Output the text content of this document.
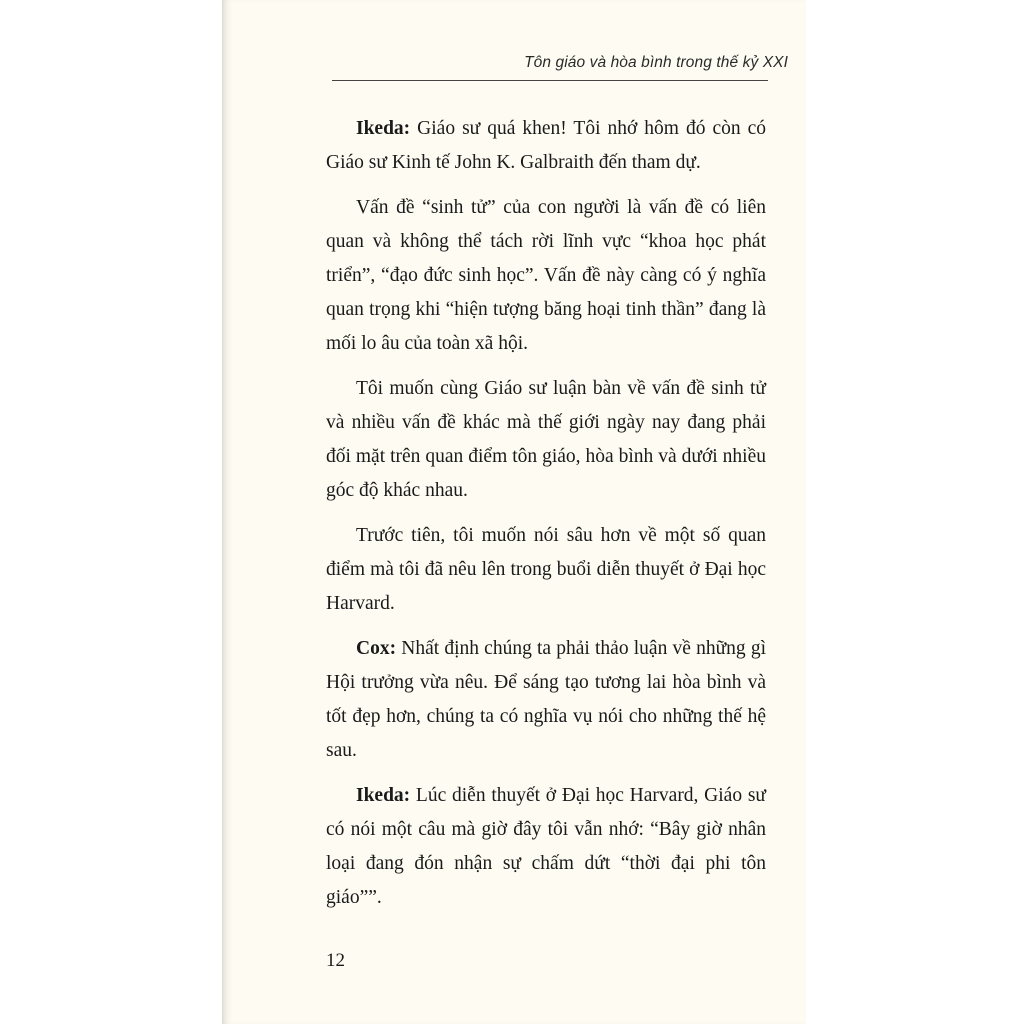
Tôn giáo và hòa bình trong thế kỷ XXI

Ikeda: Giáo sư quá khen! Tôi nhớ hôm đó còn có Giáo sư Kinh tế John K. Galbraith đến tham dự.

Vấn đề “sinh tử” của con người là vấn đề có liên quan và không thể tách rời lĩnh vực “khoa học phát triển”, “đạo đức sinh học”. Vấn đề này càng có ý nghĩa quan trọng khi “hiện tượng băng hoại tinh thần” đang là mối lo âu của toàn xã hội.

Tôi muốn cùng Giáo sư luận bàn về vấn đề sinh tử và nhiều vấn đề khác mà thế giới ngày nay đang phải đối mặt trên quan điểm tôn giáo, hòa bình và dưới nhiều góc độ khác nhau.

Trước tiên, tôi muốn nói sâu hơn về một số quan điểm mà tôi đã nêu lên trong buổi diễn thuyết ở Đại học Harvard.

Cox: Nhất định chúng ta phải thảo luận về những gì Hội trưởng vừa nêu. Để sáng tạo tương lai hòa bình và tốt đẹp hơn, chúng ta có nghĩa vụ nói cho những thế hệ sau.

Ikeda: Lúc diễn thuyết ở Đại học Harvard, Giáo sư có nói một câu mà giờ đây tôi vẫn nhớ: “Bây giờ nhân loại đang đón nhận sự chấm dứt “thời đại phi tôn giáo””.

12
